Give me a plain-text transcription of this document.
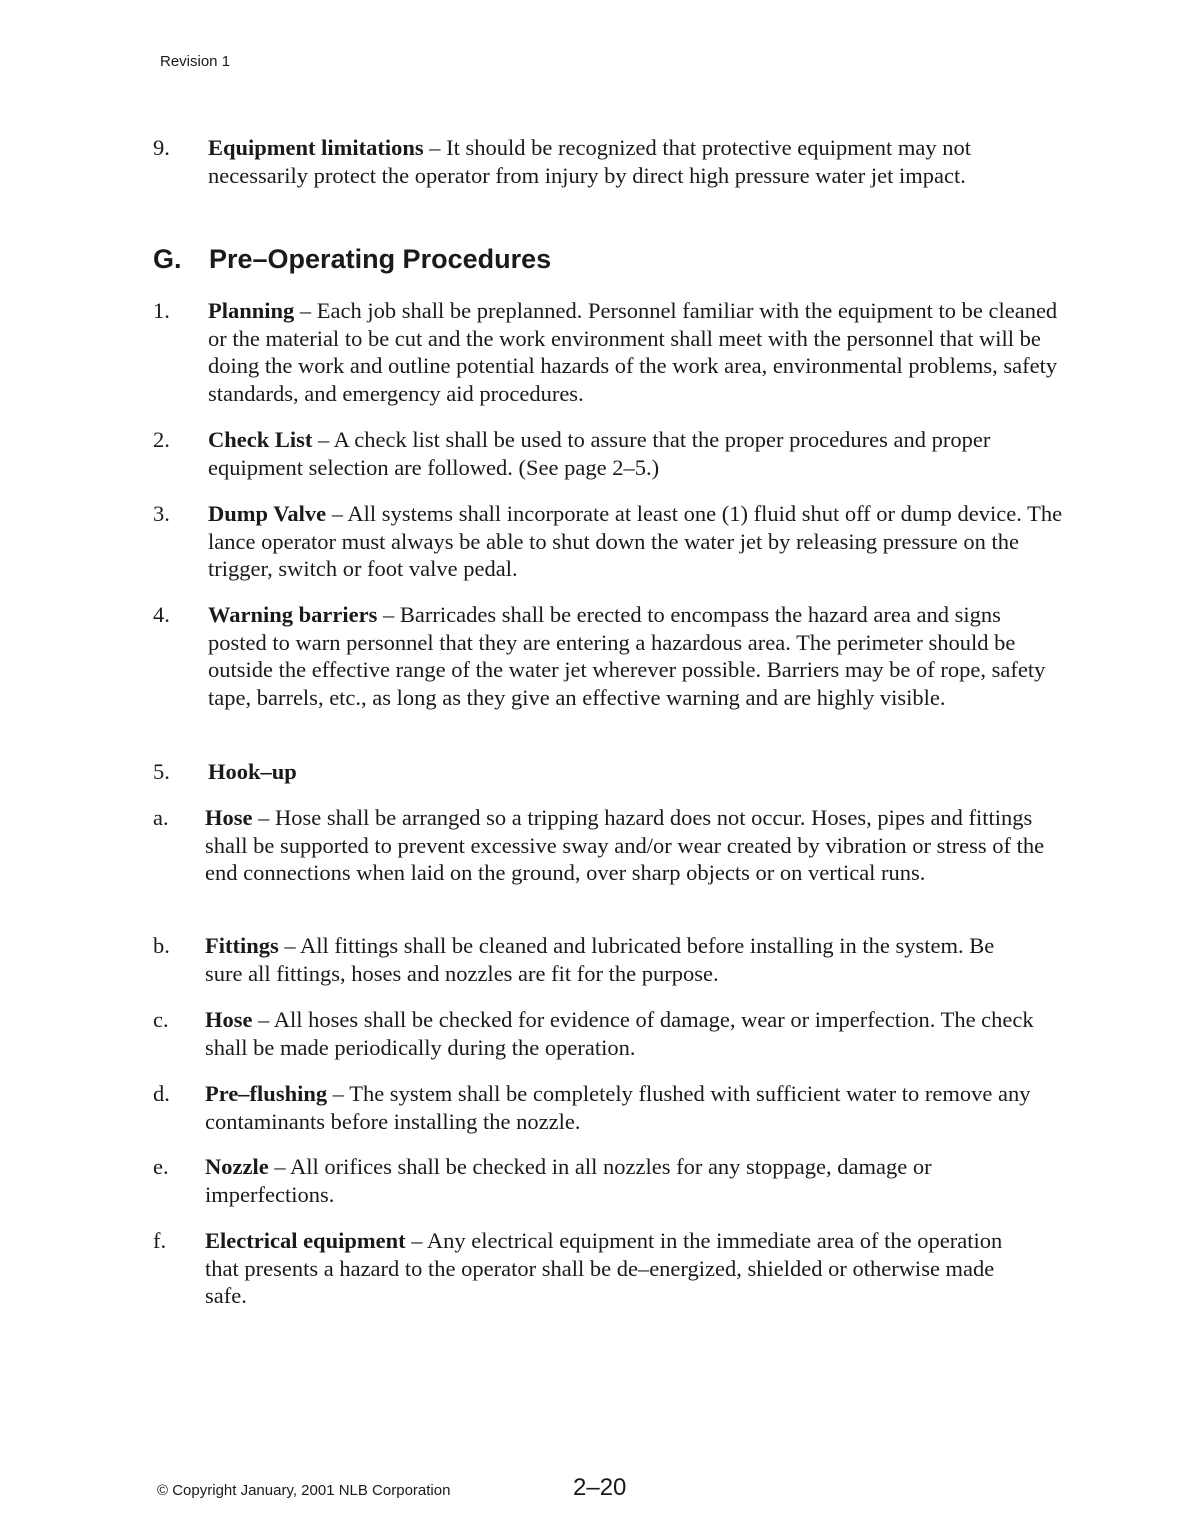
Revision 1
9. Equipment limitations – It should be recognized that protective equipment may not necessarily protect the operator from injury by direct high pressure water jet impact.
G. Pre–Operating Procedures
1. Planning – Each job shall be preplanned. Personnel familiar with the equipment to be cleaned or the material to be cut and the work environment shall meet with the personnel that will be doing the work and outline potential hazards of the work area, environmental problems, safety standards, and emergency aid procedures.
2. Check List – A check list shall be used to assure that the proper procedures and proper equipment selection are followed. (See page 2–5.)
3. Dump Valve – All systems shall incorporate at least one (1) fluid shut off or dump device. The lance operator must always be able to shut down the water jet by releasing pressure on the trigger, switch or foot valve pedal.
4. Warning barriers – Barricades shall be erected to encompass the hazard area and signs posted to warn personnel that they are entering a hazardous area. The perimeter should be outside the effective range of the water jet wherever possible. Barriers may be of rope, safety tape, barrels, etc., as long as they give an effective warning and are highly visible.
5. Hook–up
a. Hose – Hose shall be arranged so a tripping hazard does not occur. Hoses, pipes and fittings shall be supported to prevent excessive sway and/or wear created by vibration or stress of the end connections when laid on the ground, over sharp objects or on vertical runs.
b. Fittings – All fittings shall be cleaned and lubricated before installing in the system. Be sure all fittings, hoses and nozzles are fit for the purpose.
c. Hose – All hoses shall be checked for evidence of damage, wear or imperfection. The check shall be made periodically during the operation.
d. Pre–flushing – The system shall be completely flushed with sufficient water to remove any contaminants before installing the nozzle.
e. Nozzle – All orifices shall be checked in all nozzles for any stoppage, damage or imperfections.
f. Electrical equipment – Any electrical equipment in the immediate area of the operation that presents a hazard to the operator shall be de–energized, shielded or otherwise made safe.
© Copyright January, 2001 NLB Corporation	2–20
